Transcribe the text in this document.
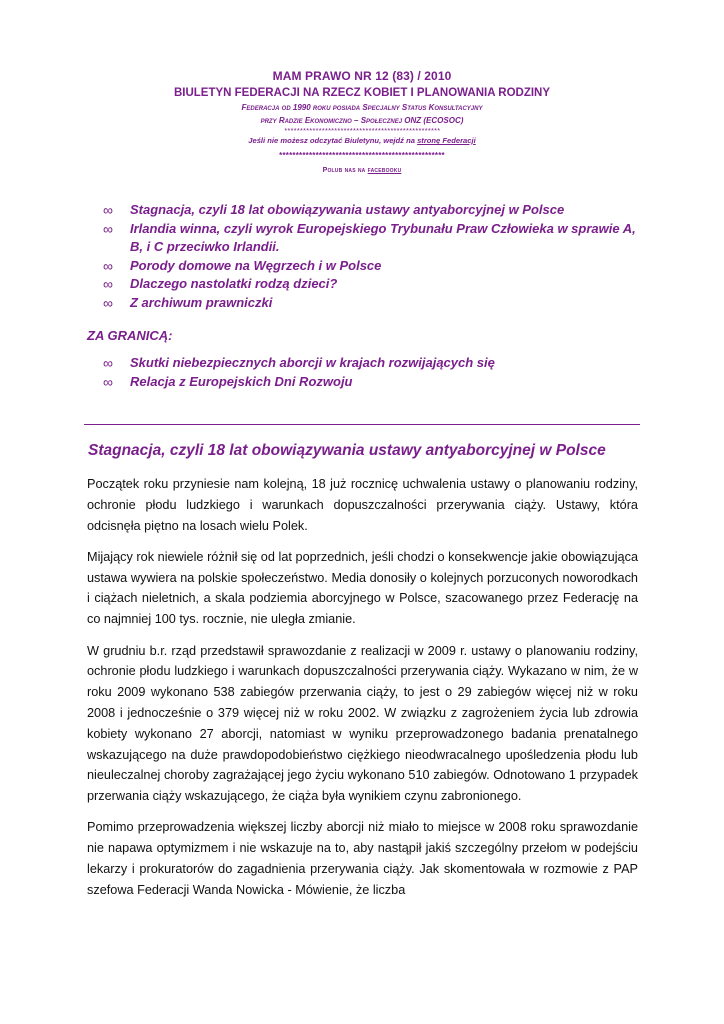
MAM PRAWO NR 12 (83) / 2010
BIULETYN FEDERACJI NA RZECZ KOBIET I PLANOWANIA RODZINY
Federacja od 1990 roku posiada Specjalny Status Konsultacyjny
przy Radzie Ekonomiczno – Społecznej ONZ (ECOSOC)
**************************************************
Jeśli nie możesz odczytać Biuletynu, wejdź na stronę Federacji
**************************************************
Polub nas na facebooku
∞ Stagnacja, czyli 18 lat obowiązywania ustawy antyaborcyjnej w Polsce
∞ Irlandia winna, czyli wyrok Europejskiego Trybunału Praw Człowieka w sprawie A, B, i C przeciwko Irlandii.
∞ Porody domowe na Węgrzech i w Polsce
∞ Dlaczego nastolatki rodzą dzieci?
∞ Z archiwum prawniczki
ZA GRANICĄ:
∞ Skutki niebezpiecznych aborcji w krajach rozwijających się
∞ Relacja z Europejskich Dni Rozwoju
Stagnacja, czyli 18 lat obowiązywania ustawy antyaborcyjnej w Polsce

Początek roku przyniesie nam kolejną, 18 już rocznicę uchwalenia ustawy o planowaniu rodziny, ochronie płodu ludzkiego i warunkach dopuszczalności przerywania ciąży. Ustawy, która odcisnęła piętno na losach wielu Polek.

Mijający rok niewiele różnił się od lat poprzednich, jeśli chodzi o konsekwencje jakie obowiązująca ustawa wywiera na polskie społeczeństwo. Media donosiły o kolejnych porzuconych noworodkach i ciążach nieletnich, a skala podziemia aborcyjnego w Polsce, szacowanego przez Federację na co najmniej 100 tys. rocznie, nie uległa zmianie.

W grudniu b.r. rząd przedstawił sprawozdanie z realizacji w 2009 r. ustawy o planowaniu rodziny, ochronie płodu ludzkiego i warunkach dopuszczalności przerywania ciąży. Wykazano w nim, że w roku 2009 wykonano 538 zabiegów przerwania ciąży, to jest o 29 zabiegów więcej niż w roku 2008 i jednocześnie o 379 więcej niż w roku 2002. W związku z zagrożeniem życia lub zdrowia kobiety wykonano 27 aborcji, natomiast w wyniku przeprowadzonego badania prenatalnego wskazującego na duże prawdopodobieństwo ciężkiego nieodwracalnego upośledzenia płodu lub nieuleczalnej choroby zagrażającej jego życiu wykonano 510 zabiegów. Odnotowano 1 przypadek przerwania ciąży wskazującego, że ciąża była wynikiem czynu zabronionego.

Pomimo przeprowadzenia większej liczby aborcji niż miało to miejsce w 2008 roku sprawozdanie nie napawa optymizmem i nie wskazuje na to, aby nastąpił jakiś szczególny przełom w podejściu lekarzy i prokuratorów do zagadnienia przerywania ciąży. Jak skomentowała w rozmowie z PAP szefowa Federacji Wanda Nowicka - Mówienie, że liczba
